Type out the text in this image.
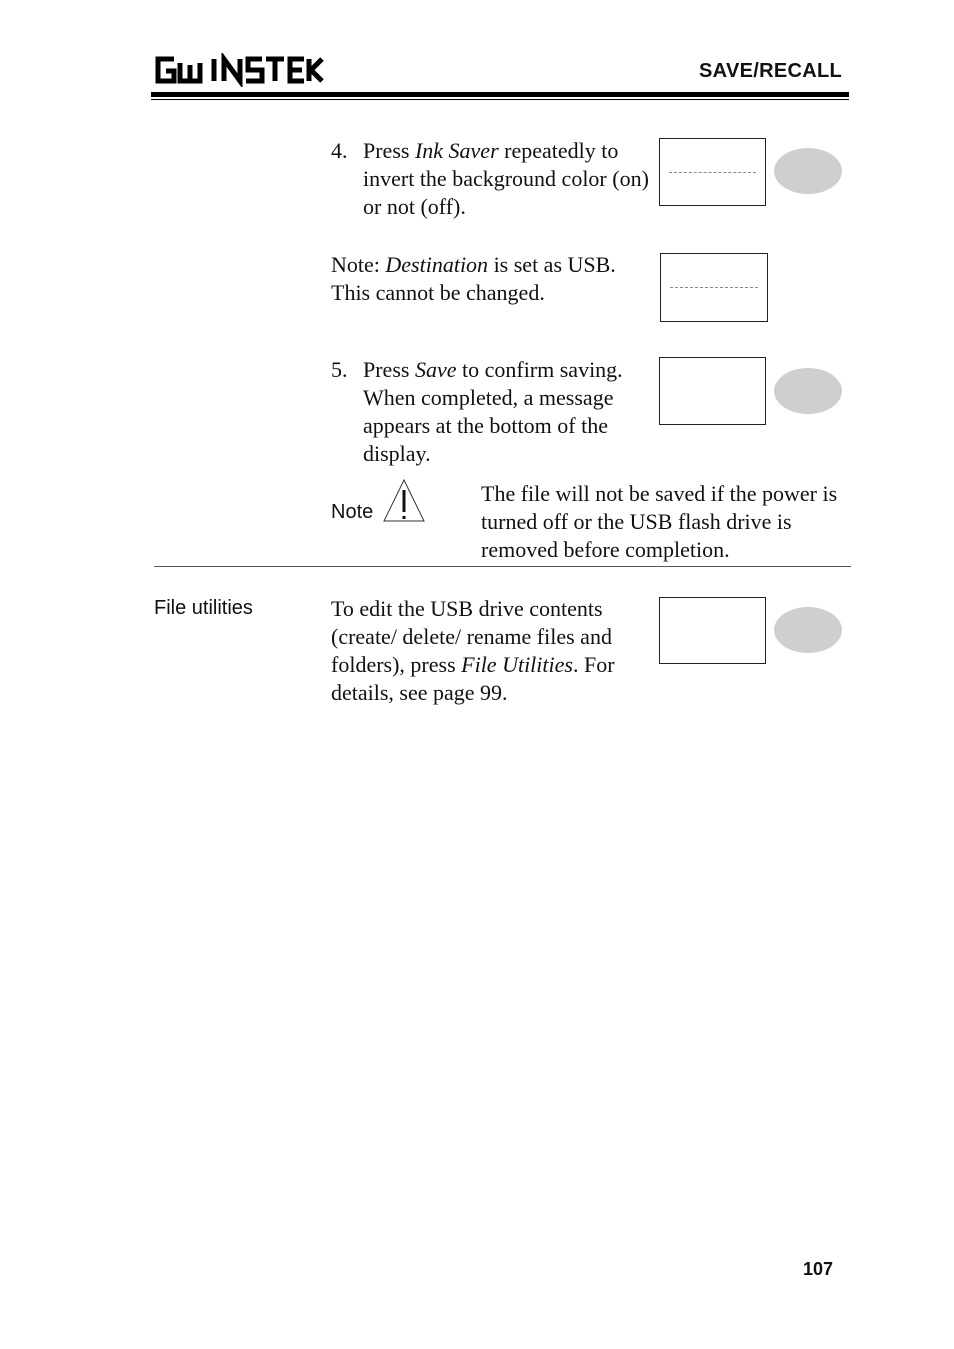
SAVE/RECALL
4. Press Ink Saver repeatedly to invert the background color (on) or not (off).
Note: Destination is set as USB. This cannot be changed.
5. Press Save to confirm saving. When completed, a message appears at the bottom of the display.
Note
The file will not be saved if the power is turned off or the USB flash drive is removed before completion.
File utilities	To edit the USB drive contents (create/ delete/ rename files and folders), press File Utilities. For details, see page 99.
107
